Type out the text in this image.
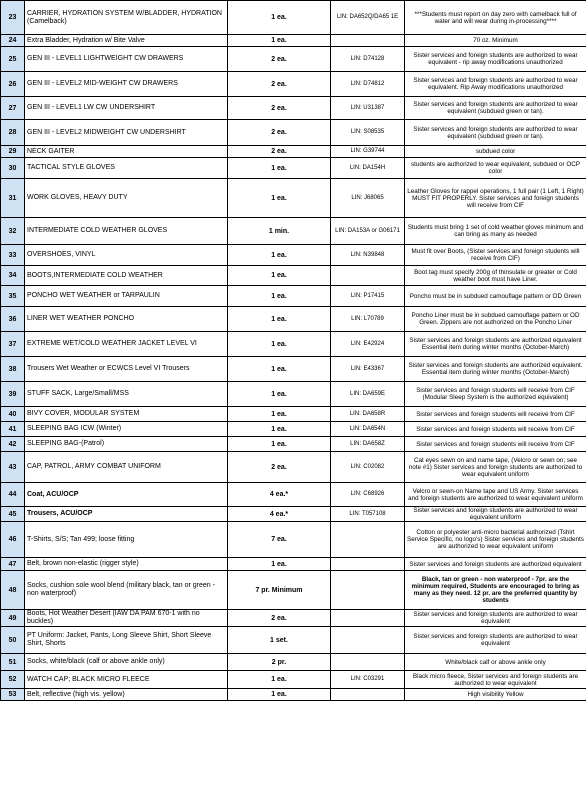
23	CARRIER, HYDRATION SYSTEM W/BLADDER, HYDRATION (Camelback)	1 ea.	LIN: DA652Q/DA65 1E	***Students must report on day zero with camelback full of water and will wear during in-processing****
24	Extra Bladder, Hydration w/ Bite Valve	1 ea.		70 oz. Minimum
25	GEN III - LEVEL1 LIGHTWEIGHT CW DRAWERS	2 ea.	LIN: D74128	Sister services and foreign students are authorized to wear equivalent - rip away modifications unauthorized
26	GEN III - LEVEL2 MID-WEIGHT CW DRAWERS	2 ea.	LIN: D74812	Sister services and foreign students are authorized to wear equivalent. Rip Away modifications unauthorized
27	GEN III - LEVEL1 LW CW UNDERSHIRT	2 ea.	LIN: U31387	Sister services and foreign students are authorized to wear equivalent (subdued green or tan).
28	GEN III - LEVEL2 MIDWEIGHT CW UNDERSHIRT	2 ea.	LIN: S08535	Sister services and foreign students are authorized to wear equivalent (subdued green or tan).
29	NECK GAITER	2 ea.	LIN: G39744	subdued color
30	TACTICAL STYLE GLOVES	1 ea.	LIN: DA154H	students are authorized to wear equivalent, subdued or OCP color
31	WORK GLOVES, HEAVY DUTY	1 ea.	LIN: J68065	Leather Gloves for rappel operations, 1 full pair (1 Left, 1 Right) MUST FIT PROPERLY. Sister services and foreign students will receive from CIF
32	INTERMEDIATE COLD WEATHER GLOVES	1 min.	LIN: DA153A or G06171	Students must bring 1 set of cold weather gloves minimum and can bring as many as needed
33	OVERSHOES, VINYL	1 ea.	LIN: N39848	Must fit over Boots, (Sister services and foreign students will receive from CIF)
34	BOOTS,INTERMEDIATE COLD WEATHER	1 ea.		Boot tag must specify 200g of thinsulate or greater or Cold weather boot must have Liner.
35	PONCHO WET WEATHER or TARPAULIN	1 ea.	LIN: P17415	Poncho must be in subdued camouflage pattern or OD Green
36	LINER WET WEATHER PONCHO	1 ea.	LIN: L70789	Poncho Liner must be in subdued camouflage pattern or OD Green. Zippers are not authorized on the Poncho Liner
37	EXTREME WET/COLD WEATHER JACKET LEVEL VI	1 ea.	LIN: E42924	Sister services and foreign students are authorized equivalent Essential item during winter months (October-March)
38	Trousers Wet Weather or ECWCS Level VI Trousers	1 ea.	LIN: E43367	Sister services and foreign students are authorized equivalent. Essential item during winter months (October-March)
39	STUFF SACK, Large/Small/MSS	1 ea.	LIN: DA659E	Sister services and foreign students will receive from CIF (Modular Sleep System is the authorized equivalent)
40	BIVY COVER, MODULAR SYSTEM	1 ea.	LIN: DA658R	Sister services and foreign students will receive from CIF
41	SLEEPING BAG ICW (Winter)	1 ea.	LIN: DA654N	Sister services and foreign students will receive from CIF
42	SLEEPING BAG-(Patrol)	1 ea.	LIN: DA658Z	Sister services and foreign students will receive from CIF
43	CAP, PATROL, ARMY COMBAT UNIFORM	2 ea.	LIN: C02082	Cat eyes sewn on and name tape, (Velcro or sewn on; see note #1) Sister services and foreign students are authorized to wear equivalent uniform
44	Coat, ACU/OCP	4 ea.*	LIN: C68926	Velcro or sewn-on Name tape and US Army. Sister services and foreign students are authorized to wear equivalent uniform
45	Trousers, ACU/OCP	4 ea.*	LIN: T057108	Sister services and foreign students are authorized to wear equivalent uniform
46	T-Shirts, S/S; Tan 499; loose fitting	7 ea.		Cotton or polyester anti-micro bacterial authorized (Tshirt Service Specific, no logo's) Sister services and foreign students are authorized to wear equivalent uniform
47	Belt, brown non-elastic (rigger style)	1 ea.		Sister services and foreign students are authorized equivalent
48	Socks, cushion sole wool blend (military black, tan or green - non waterproof)	7 pr. Minimum		Black, tan or green - non waterproof - 7pr. are the minimum required, Students are encouraged to bring as many as they need. 12 pr. are the preferred quantity by students
49	Boots, Hot Weather Desert (IAW DA PAM 670-1 with no buckles)	2 ea.		Sister services and foreign students are authorized to wear equivalent
50	PT Uniform: Jacket, Pants, Long Sleeve Shirt, Short Sleeve Shirt, Shorts	1 set.		Sister services and foreign students are authorized to wear equivalent
51	Socks, white/black (calf or above ankle only)	2 pr.		White/black calf or above ankle only
52	WATCH CAP; BLACK MICRO FLEECE	1 ea.	LIN: C03291	Black micro fleece, Sister services and foreign students are authorized to wear equivalent
53	Belt, reflective (high vis. yellow)	1 ea.		High visibility Yellow
